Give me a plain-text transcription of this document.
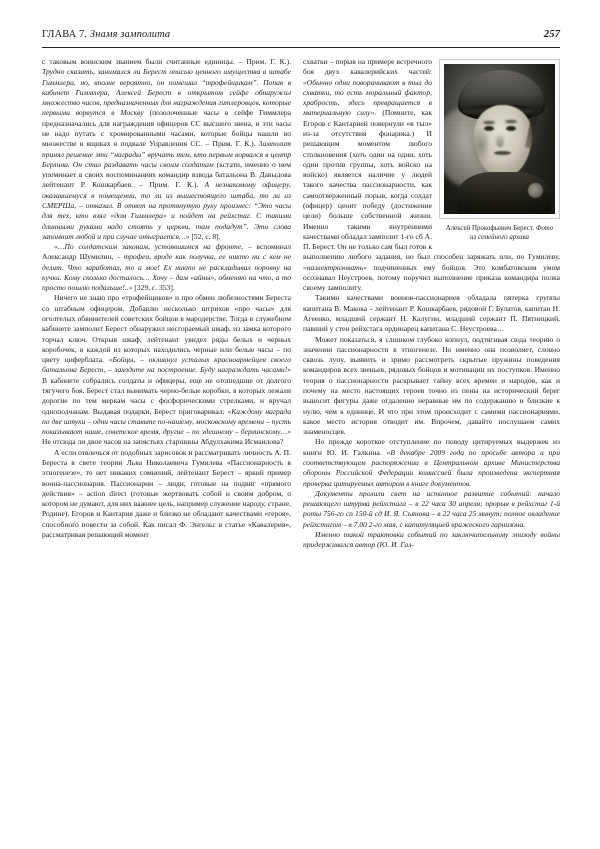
ГЛАВА 7. Знамя замполита	257

с таковым воинским званием были считанные единицы. – Прим. Г. К.). Трудно сказать, занимался ли Берест описью ценного имущества в штабе Гиммлера, но, вполне вероятно, он помешал “трофейщикам”. Попав в кабинет Гиммлера, Алексей Берест в открытом сейфе обнаружил множество часов, предназначенных для награждения гитлеровцев, которые первыми ворвутся в Москву (позолоченные часы в сейфе Гиммлера предназначались для награждения офицеров СС высшего звена, и эти часы не надо путать с хромированными часами, которые бойцы нашли во множестве в ящиках в подвале Управления СС. – Прим. Г. К.). Замполит принял решение эти “награды” вручать тем, кто первым ворвался в центр Берлина. Он стал раздавать часы своим солдатам (кстати, именно о нем упоминает в своих воспоминаниях командир взвода батальона В. Давыдова лейтенант Р. Кошкарбаев. – Прим. Г. К.). А незнакомому офицеру, оказавшемуся в помещении, то ли из вышестоящего штаба, то ли из СМЕРШа, – отказал. В ответ на протянутую руку произнес: “Это часы для тех, кто взял «дом Гиммлера» и пойдет на рейхстаг. С такими длинными руками надо стоять у церкви, там подадут”. Эти слова запомнит любой и при случае отыграется…» [52, с. 8].

«…По солдатским законам, устоявшимся на фронте, – вспоминал Александр Шумилин, – трофеи, вроде как получка, ее никто ни с кем не делит. Что заработал, то и мое! Ех никто не раскладывал поровну на кучки. Кому сколько досталось… Хочу – дам «айны», обменяю на что, а то просто пошлю подальше!..» [329, с. 353].

Ничего не знаю про «трофейщиков» и про обмен любезностями Береста со штабным офицером. Добавлю несколько штрихов «про часы» для оголтелых обвинителей советских бойцов в мародерстве. Тогда в служебном кабинете замполит Берест обнаружил несгораемый шкаф, из замка которого торчал ключ. Открыв шкаф, лейтенант увидел ряды белых и черных коробочек, в каждой из которых находились черные или белые часы – по цвету циферблата. «Бойцы, – окликнул усталых красноармейцев своего батальона Берест, – заходите на построение. Буду награждать часами!» В кабинете собрались солдаты и офицеры, еще не отошедшие от долгого тягучего боя. Берест стал вынимать черно-белые коробки, в которых лежали дорогие по тем меркам часы с фосфорическими стрелками, и вручал однополчанам. Выдавая подарки, Берест приговаривал: «Каждому награда по две штуки – одни часы ставьте по-нашему, московскому времени – пусть показывают наше, советское время, другие – по здешнему – берлинскому…» Не отсюда ли двое часов на запястьях старшины Абдулхакима Исмаилова?

А если отвлечься от подобных зарисовок и рассматривать личность А. П. Береста в свете теории Льва Николаевича Гумилева «Пассионарность в этногенезе», то нет никаких сомнений, лейтенант Берест – яркий пример воина-пассионария. Пассионарии – люди, готовые на подвиг «прямого действия» – action direct (готовые жертвовать собой и своим добром, о котором не думают, для них важнее цель, например служение народу, стране, Родине). Егоров и Кантария даже и близко не обладают качествами «героя», способного повести за собой. Как писал Ф. Энгельс в статье «Кавалерия», рассматривая решающий момент

Алексей Прокофьевич Берест. Фото
из семейного архива

схватки – порыв на примере встречного боя двух кавалерийских частей: «Обычно одни поворачивают в тыл до схватки, то есть моральный фактор, храбрость, здесь превращается в материальную силу». (Помните, как Егоров с Кантарией повернули «в тыл» из-за отсутствия фонарика.) И решающим моментом любого столкновения (хоть один на один, хоть один против группы, хоть войско на войско) является наличие у людей такого качества пассионарности, как самоотверженный порыв, когда солдат (офицер) ценит победу (достижение цели) больше собственной жизни. Именно такими внутренними качествами обладал замполит 1-го сб А. П. Берест. Он не только сам был готов к выполнению любого задания, но был способен заряжать или, по Гумилеву, «наэлектризовать» подчиненных ему бойцов. Это комбатовским умом осознавал Неустроев, потому поручил выполнение приказа командира полка своему замполиту.

Такими качествами воинов-пассионариев обладала пятерка группы капитана В. Макова – лейтенант Р. Кошкарбаев, рядовой Г. Булатов, капитан Н. Агеенко, младший сержант Н. Калугин, младший сержант П. Пятницкий, павший у стен рейхстага ординарец капитана С. Неустроева…

Может показаться, я слишком глубоко копнул, подтягивая сюда теорию о значении пассионарности в этногенезе. Но именно она позволяет, словно сквозь лупу, выявить и зримо рассмотреть скрытые пружины поведения командиров всех звеньев, рядовых бойцов и мотивации их поступков. Именно теория о пассионарности раскрывает тайну всех времен и народов, как и почему на место настоящих героев точно из пены на исторический берег выносит фигуры даже отдаленно неравные им по содержанию и близкие к нулю, чем к единице. И что при этом происходит с самими пассионариями, какое место история отводит им. Впрочем, давайте послушаем самих знаменосцев.

Но прежде короткое отступление по поводу цитируемых выдержек из книги Ю. И. Галкина. «В декабре 2009 года по просьбе автора и при соответствующем распоряжении в Центральном архиве Министерства обороны Российской Федерации комиссией была произведена экспертная проверка цитируемых автором в книге документов.

Документы пролили свет на истинное развитие событий: начало решающего штурма рейхстага – в 22 часа 30 апреля; прорыв в рейхстаг 1-й роты 756-го сп 150-й сд И. Я. Съянова – в 22 часа 25 минут; полное овладение рейхстагом – в 7.00 2-го мая, с капитуляцией вражеского гарнизона.

Именно такой трактовки событий по заключительному эпизоду войны придерживался автор (Ю. И. Гал-
